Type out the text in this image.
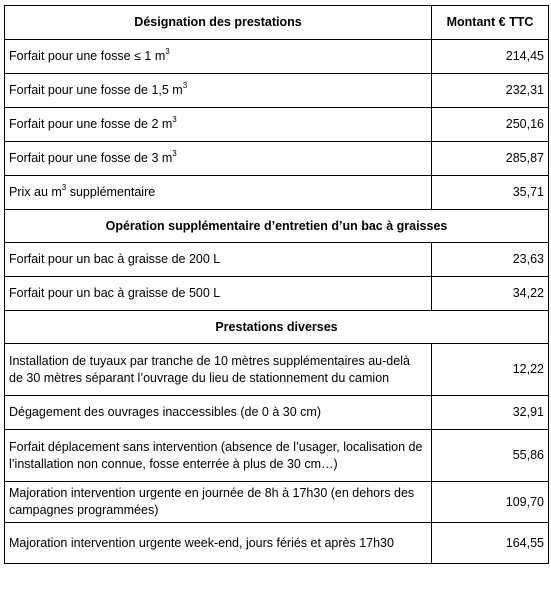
Désignation des prestations	Montant € TTC
Forfait pour une fosse ≤ 1 $m^3$	214,45
Forfait pour une fosse de 1,5 $m^3$	232,31
Forfait pour une fosse de 2 $m^3$	250,16
Forfait pour une fosse de 3 $m^3$	285,87
Prix au $m^3$ supplémentaire	35,71
Opération supplémentaire d’entretien d’un bac à graisses	
Forfait pour un bac à graisse de 200 L	23,63
Forfait pour un bac à graisse de 500 L	34,22
Prestations diverses	
Installation de tuyaux par tranche de 10 mètres supplémentaires au-delà de 30 mètres séparant l’ouvrage du lieu de stationnement du camion	12,22
Dégagement des ouvrages inaccessibles (de 0 à 30 cm)	32,91
Forfait déplacement sans intervention (absence de l’usager, localisation de l’installation non connue, fosse enterrée à plus de 30 cm…)	55,86
Majoration intervention urgente en journée de 8h à 17h30 (en dehors des campagnes programmées)	109,70
Majoration intervention urgente week-end, jours fériés et après 17h30	164,55
